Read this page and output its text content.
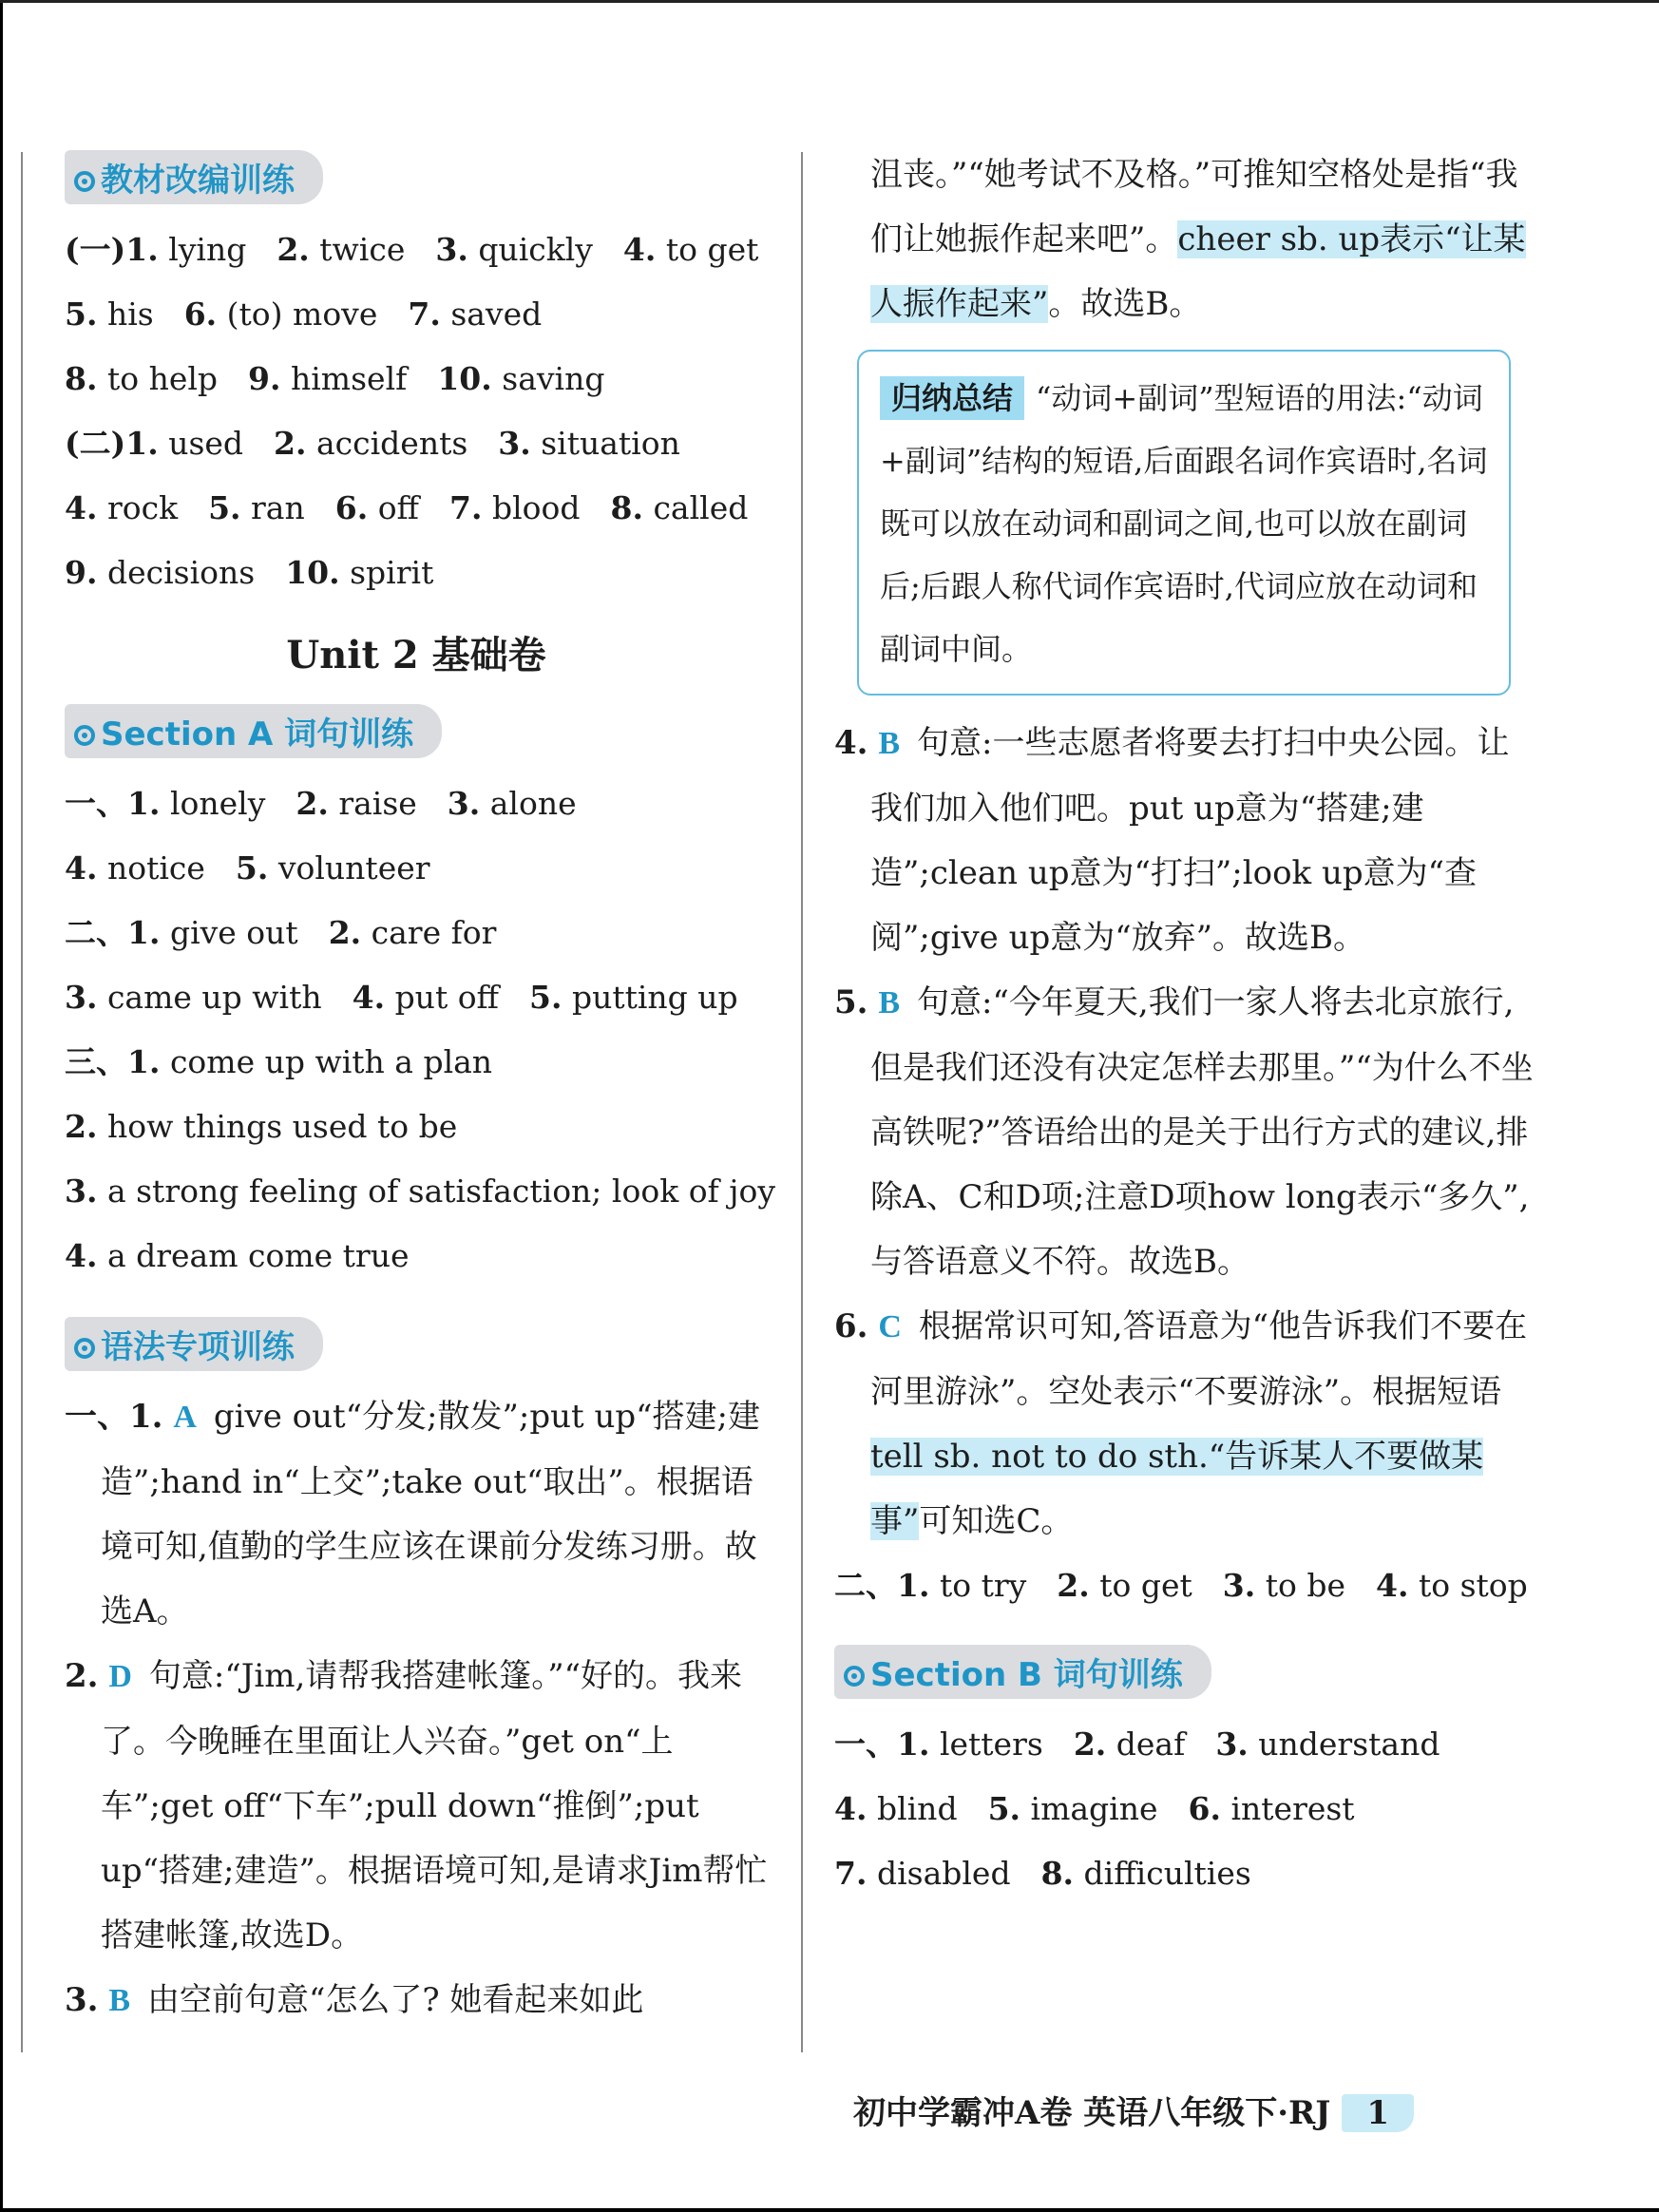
教材改编训练
(一)1. lying 2. twice 3. quickly 4. to get
5. his 6. (to) move 7. saved
8. to help 9. himself 10. saving
(二)1. used 2. accidents 3. situation
4. rock 5. ran 6. off 7. blood 8. called
9. decisions 10. spirit
Unit 2 基础卷
Section A 词句训练
一、1. lonely 2. raise 3. alone
4. notice 5. volunteer
二、1. give out 2. care for
3. came up with 4. put off 5. putting up
三、1. come up with a plan
2. how things used to be
3. a strong feeling of satisfaction; look of joy
4. a dream come true
语法专项训练
一、1. A give out“分发;散发”;put up“搭建;建造”;hand in“上交”;take out“取出”。根据语境可知,值勤的学生应该在课前分发练习册。故选A。
2. D 句意:“Jim,请帮我搭建帐篷。”“好的。我来了。今晚睡在里面让人兴奋。”get on“上车”;get off“下车”;pull down“推倒”;put up“搭建;建造”。根据语境可知,是请求Jim帮忙搭建帐篷,故选D。
3. B 由空前句意“怎么了? 她看起来如此
沮丧。”“她考试不及格。”可推知空格处是指“我们让她振作起来吧”。cheer sb. up表示“让某人振作起来”。故选B。
归纳总结 “动词+副词”型短语的用法:“动词+副词”结构的短语,后面跟名词作宾语时,名词既可以放在动词和副词之间,也可以放在副词后;后跟人称代词作宾语时,代词应放在动词和副词中间。
4. B 句意:一些志愿者将要去打扫中央公园。让我们加入他们吧。put up意为“搭建;建造”;clean up意为“打扫”;look up意为“查阅”;give up意为“放弃”。故选B。
5. B 句意:“今年夏天,我们一家人将去北京旅行,但是我们还没有决定怎样去那里。”“为什么不坐高铁呢?”答语给出的是关于出行方式的建议,排除A、C和D项;注意D项how long表示“多久”,与答语意义不符。故选B。
6. C 根据常识可知,答语意为“他告诉我们不要在河里游泳”。空处表示“不要游泳”。根据短语tell sb. not to do sth.“告诉某人不要做某事”可知选C。
二、1. to try 2. to get 3. to be 4. to stop
Section B 词句训练
一、1. letters 2. deaf 3. understand
4. blind 5. imagine 6. interest
7. disabled 8. difficulties
初中学霸冲A卷 英语八年级下·RJ 1
